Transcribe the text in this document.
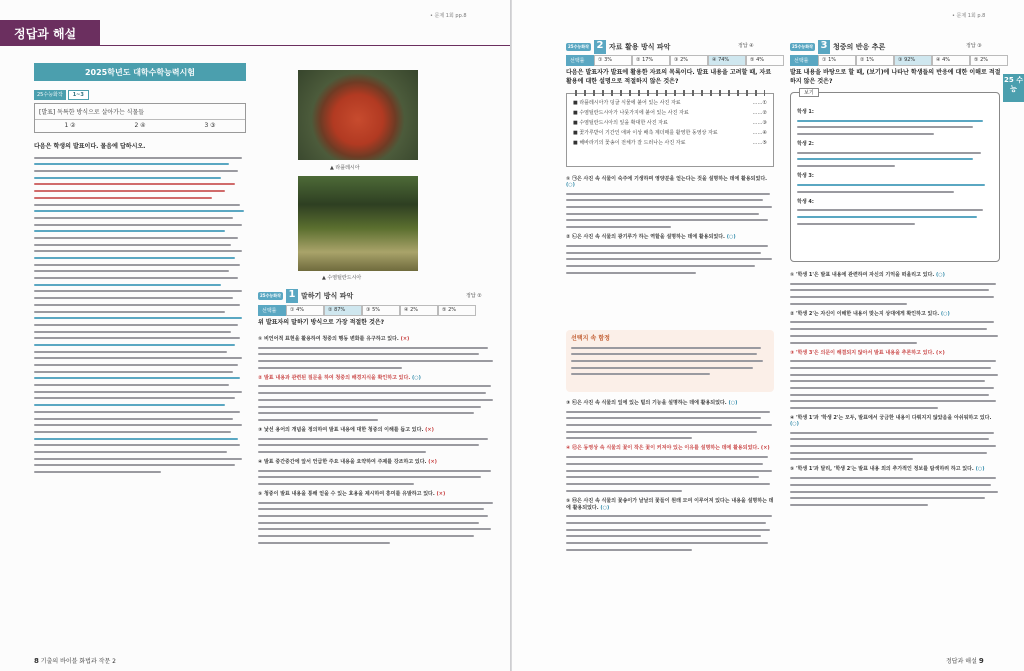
정답과 해설
• 문제 1회 pp.8
2025학년도 대학수학능력시험
25수능화작	1~3
[발표] 독특한 방식으로 살아가는 식물들
1 ②	2 ④	3 ③
다음은 학생의 발표이다. 물음에 답하시오.
▲ 라플레시아
▲ 수염틸란드시아
25수능화작 1 말하기 방식 파악	정답 ②
선택률	① 4%	② 87%	③ 5%	④ 2%	⑤ 2%
위 발표자의 말하기 방식으로 가장 적절한 것은?
① 비언어적 표현을 활용하여 청중의 행동 변화를 유구하고 있다. (×)
② 발표 내용과 관련된 질문을 하여 청중의 배경지식을 확인하고 있다. (○)
③ 낯선 용어의 개념을 정의하여 발표 내용에 대한 청중의 이해를 돕고 있다. (×)
④ 발표 중간중간에 앞서 언급한 주요 내용을 요약하여 주제를 강조하고 있다. (×)
⑤ 청중이 발표 내용을 통해 얻을 수 있는 효용을 제시하여 흥미를 유발하고 있다. (×)
8 기출의 바이블 화법과 작문 2
• 문제 1회 p.8
25수능화작 2 자료 활용 방식 파악	정답 ④
선택률	① 3%	② 17%	③ 2%	④ 74%	⑤ 4%
다음은 발표자가 발표에 활용한 자료의 목록이다. 발표 내용을 고려할 때, 자료 활용에 대한 설명으로 적절하지 않은 것은?
■ 라플레시아가 덩굴 식물에 붙어 있는 사진 자료	……①
■ 수염틸란드시아가 나뭇가지에 붙어 있는 사진 자료	……②
■ 수염틸란드시아의 잎을 확대한 사진 자료	……③
■ 꽃가루받이 기간인 애파 이상 배측 계더매를 활영한 동영상 자료	……④
■ 해바라기의 꽃송이 전체가 잘 드러나는 사진 자료	……⑤
① ㉠은 사진 속 식물이 숙주에 기생하며 영양분을 얻는다는 것을 설명하는 데에 활용되었다. (○)
② ㉡은 사진 속 식물의 광기루가 하는 역할을 설명하는 데에 활용되었다. (○)
선택지 속 함정
③ ㉢은 사진 속 식물의 잎에 있는 털의 기능을 설명하는 데에 활용되었다. (○)
④ ㉣은 동영상 속 식물의 꽃이 작은 꽃이 커져야 있는 이유를 설명하는 데에 활용되었다. (×)
⑤ ㉤은 사진 속 식물의 꽃송이가 날날의 꽃들이 원래 모여 이루어져 있다는 내용을 설명하는 데에 활용되었다. (○)
25수능화작 3 청중의 반응 추론	정답 ③
선택률	① 1%	② 1%	③ 92%	④ 4%	⑤ 2%
발표 내용을 바탕으로 할 때, (보기)에 나타난 학생들의 반응에 대한 이해로 적절하지 않은 것은?
보기
학생 1:
학생 2:
학생 3:
학생 4:
25 수능
① '학생 1'은 발표 내용에 관련하여 자신의 기억을 떠올리고 있다. (○)
② '학생 2'는 자신이 이해한 내용이 맞는지 상대에게 확인하고 있다. (○)
③ '학생 3'은 의문이 해결되지 않아서 발표 내용을 추론하고 있다. (×)
④ '학생 1'과 '학생 2'는 모두, 발표에서 궁금한 내용이 다뤄지지 않았음을 아쉬워하고 있다. (○)
⑤ '학생 1'과 달리, '학생 2'는 발표 내용 외의 추가적인 정보를 탐색하려 하고 있다. (○)
정답과 해설 9
